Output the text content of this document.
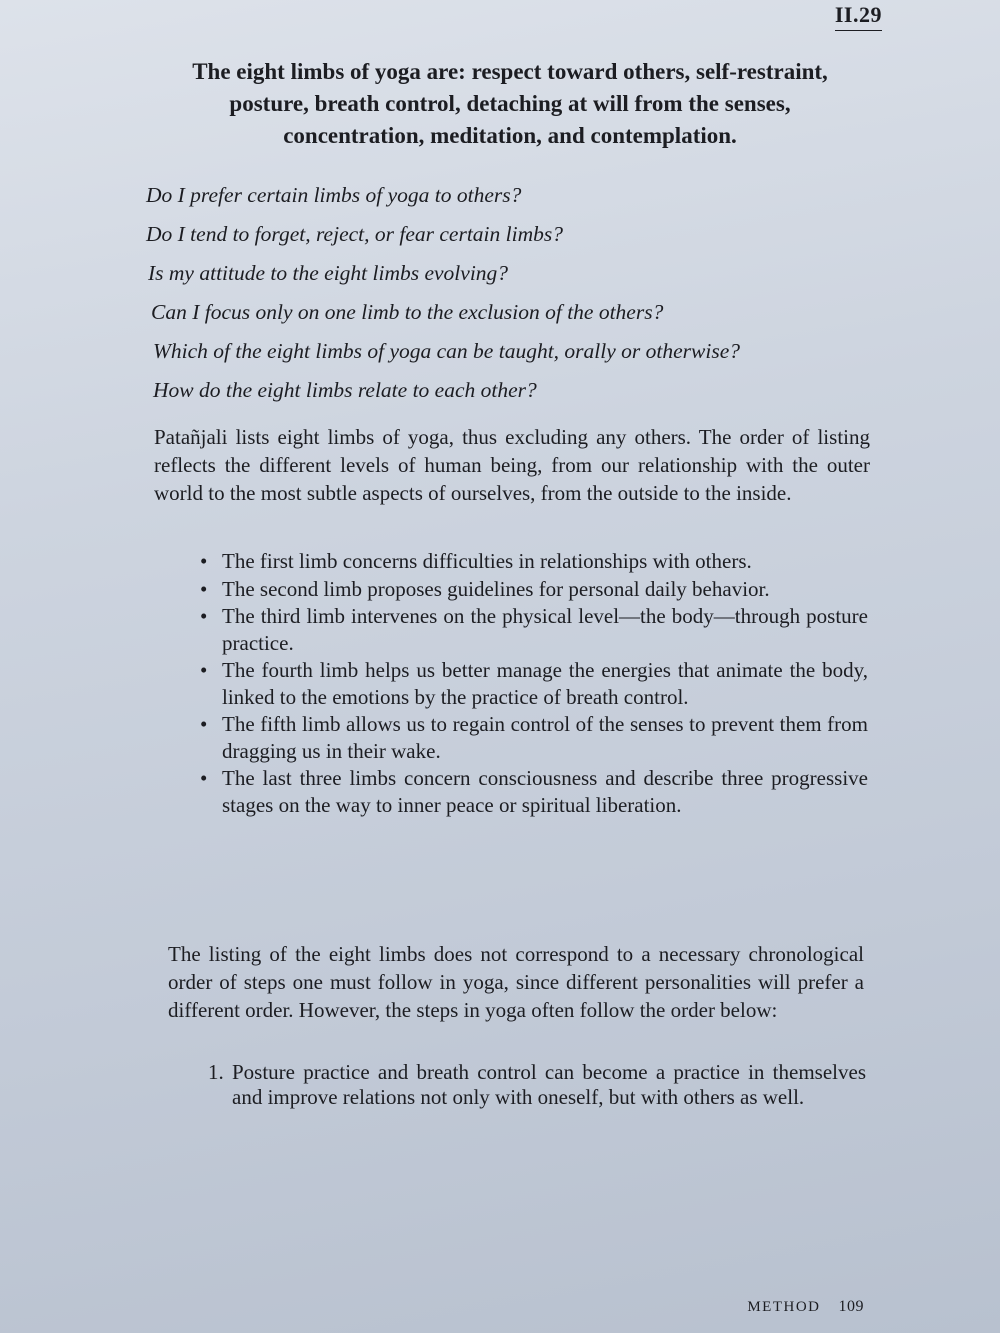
II.29
The eight limbs of yoga are: respect toward others, self-restraint,
posture, breath control, detaching at will from the senses,
concentration, meditation, and contemplation.
Do I prefer certain limbs of yoga to others?
Do I tend to forget, reject, or fear certain limbs?
Is my attitude to the eight limbs evolving?
Can I focus only on one limb to the exclusion of the others?
Which of the eight limbs of yoga can be taught, orally or otherwise?
How do the eight limbs relate to each other?
Patañjali lists eight limbs of yoga, thus excluding any others. The order of listing reflects the different levels of human being, from our relationship with the outer world to the most subtle aspects of ourselves, from the outside to the inside.
• The first limb concerns difficulties in relationships with others.
• The second limb proposes guidelines for personal daily behavior.
• The third limb intervenes on the physical level—the body—through posture practice.
• The fourth limb helps us better manage the energies that animate the body, linked to the emotions by the practice of breath control.
• The fifth limb allows us to regain control of the senses to prevent them from dragging us in their wake.
• The last three limbs concern consciousness and describe three progressive stages on the way to inner peace or spiritual liberation.
The listing of the eight limbs does not correspond to a necessary chronological order of steps one must follow in yoga, since different personalities will prefer a different order. However, the steps in yoga often follow the order below:
1. Posture practice and breath control can become a practice in themselves and improve relations not only with oneself, but with others as well.
METHOD 109
